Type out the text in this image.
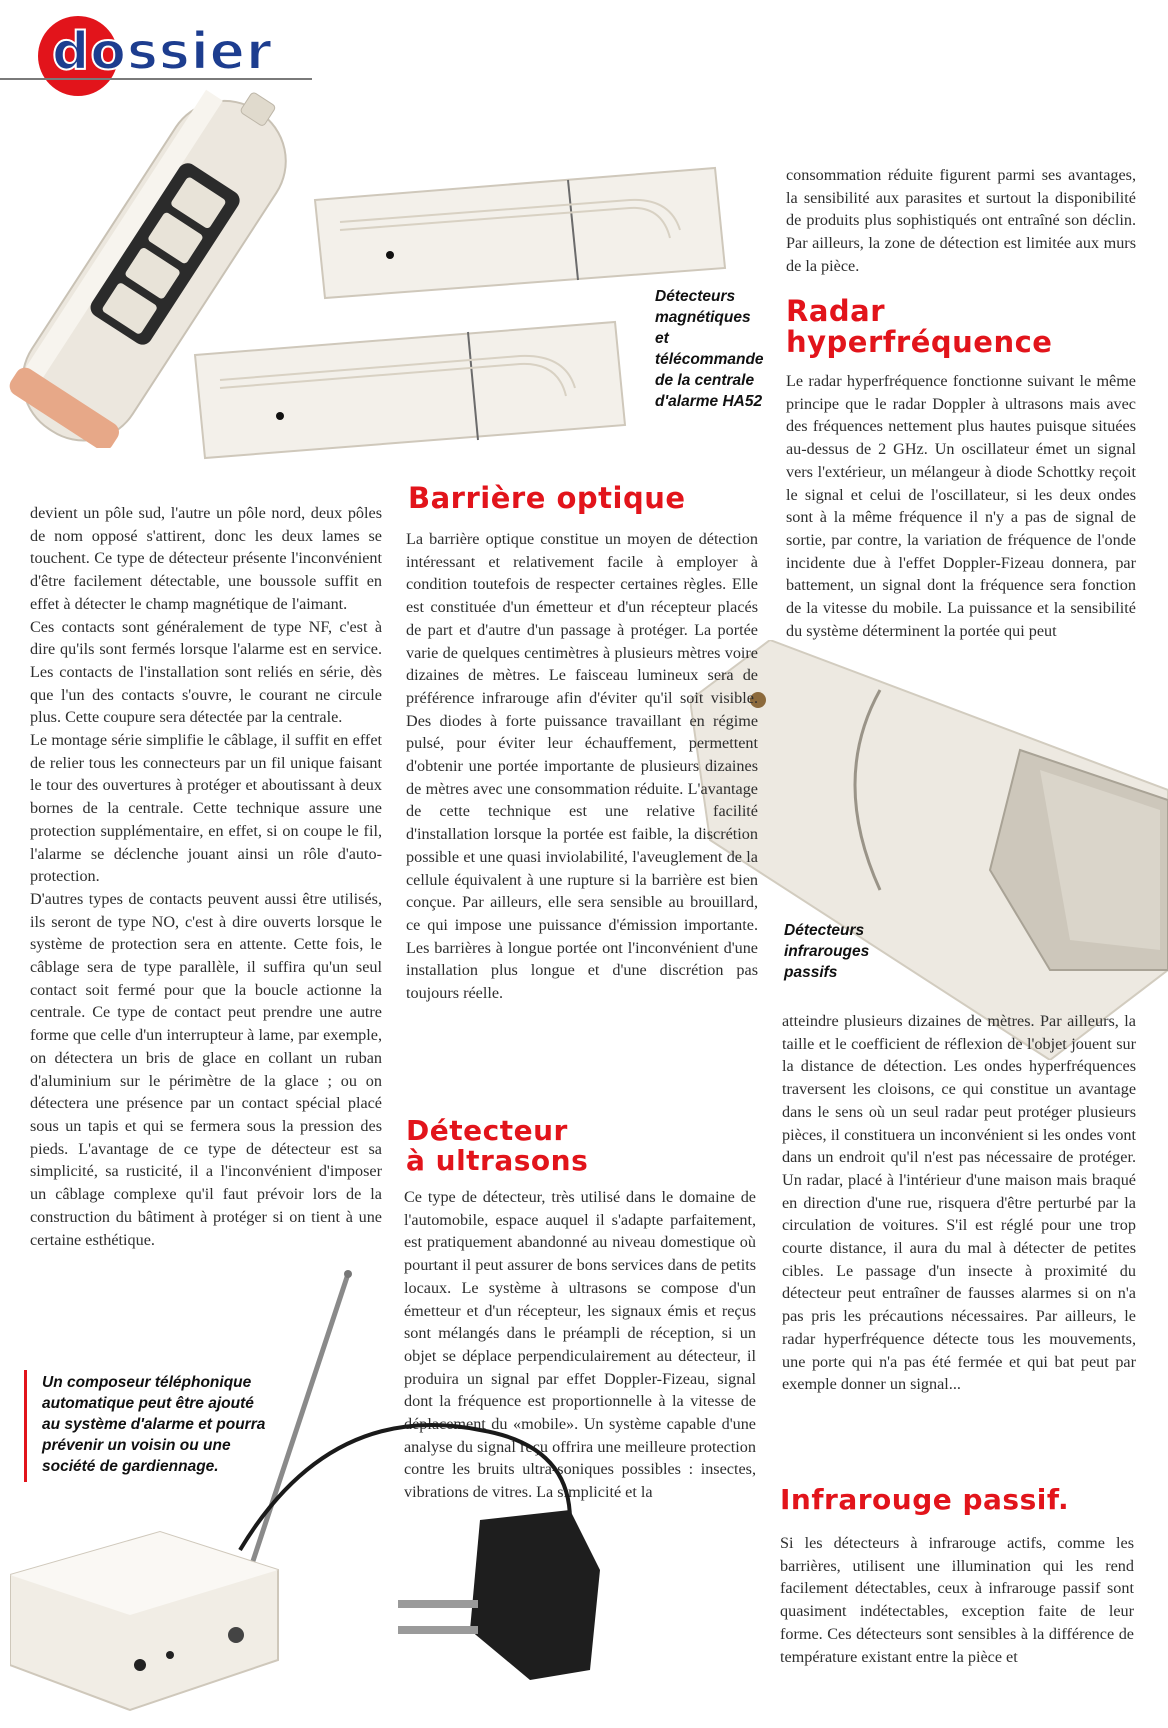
dossier
Détecteurs magnétiques et télécommande de la centrale d'alarme HA52

consommation réduite figurent parmi ses avantages, la sensibilité aux parasites et surtout la disponibilité de produits plus sophistiqués ont entraîné son déclin. Par ailleurs, la zone de détection est limitée aux murs de la pièce.

Radar
hyperfréquence

Le radar hyperfréquence fonctionne suivant le même principe que le radar Doppler à ultrasons mais avec des fréquences nettement plus hautes puisque situées au-dessus de 2 GHz. Un oscillateur émet un signal vers l'extérieur, un mélangeur à diode Schottky reçoit le signal et celui de l'oscillateur, si les deux ondes sont à la même fréquence il n'y a pas de signal de sortie, par contre, la variation de fréquence de l'onde incidente due à l'effet Doppler-Fizeau donnera, par battement, un signal dont la fréquence sera fonction de la vitesse du mobile. La puissance et la sensibilité du système déterminent la portée qui peut

Détecteurs infrarouges passifs

atteindre plusieurs dizaines de mètres. Par ailleurs, la taille et le coefficient de réflexion de l'objet jouent sur la distance de détection. Les ondes hyperfréquences traversent les cloisons, ce qui constitue un avantage dans le sens où un seul radar peut protéger plusieurs pièces, il constituera un inconvénient si les ondes vont dans un endroit qu'il n'est pas nécessaire de protéger. Un radar, placé à l'intérieur d'une maison mais braqué en direction d'une rue, risquera d'être perturbé par la circulation de voitures. S'il est réglé pour une trop courte distance, il aura du mal à détecter de petites cibles. Le passage d'un insecte à proximité du détecteur peut entraîner de fausses alarmes si on n'a pas pris les précautions nécessaires. Par ailleurs, le radar hyperfréquence détecte tous les mouvements, une porte qui n'a pas été fermée et qui bat peut par exemple donner un signal...

Infrarouge passif.

Si les détecteurs à infrarouge actifs, comme les barrières, utilisent une illumination qui les rend facilement détectables, ceux à infrarouge passif sont quasiment indétectables, exception faite de leur forme. Ces détecteurs sont sensibles à la différence de température existant entre la pièce et

devient un pôle sud, l'autre un pôle nord, deux pôles de nom opposé s'attirent, donc les deux lames se touchent. Ce type de détecteur présente l'inconvénient d'être facilement détectable, une boussole suffit en effet à détecter le champ magnétique de l'aimant.

Ces contacts sont généralement de type NF, c'est à dire qu'ils sont fermés lorsque l'alarme est en service. Les contacts de l'installation sont reliés en série, dès que l'un des contacts s'ouvre, le courant ne circule plus. Cette coupure sera détectée par la centrale.

Le montage série simplifie le câblage, il suffit en effet de relier tous les connecteurs par un fil unique faisant le tour des ouvertures à protéger et aboutissant à deux bornes de la centrale. Cette technique assure une protection supplémentaire, en effet, si on coupe le fil, l'alarme se déclenche jouant ainsi un rôle d'auto-protection.

D'autres types de contacts peuvent aussi être utilisés, ils seront de type NO, c'est à dire ouverts lorsque le système de protection sera en attente. Cette fois, le câblage sera de type parallèle, il suffira qu'un seul contact soit fermé pour que la boucle actionne la centrale. Ce type de contact peut prendre une autre forme que celle d'un interrupteur à lame, par exemple, on détectera un bris de glace en collant un ruban d'aluminium sur le périmètre de la glace ; ou on détectera une présence par un contact spécial placé sous un tapis et qui se fermera sous la pression des pieds. L'avantage de ce type de détecteur est sa simplicité, sa rusticité, il a l'inconvénient d'imposer un câblage complexe qu'il faut prévoir lors de la construction du bâtiment à protéger si on tient à une certaine esthétique.

Barrière optique

La barrière optique constitue un moyen de détection intéressant et relativement facile à employer à condition toutefois de respecter certaines règles. Elle est constituée d'un émetteur et d'un récepteur placés de part et d'autre d'un passage à protéger. La portée varie de quelques centimètres à plusieurs mètres voire dizaines de mètres. Le faisceau lumineux sera de préférence infrarouge afin d'éviter qu'il soit visible. Des diodes à forte puissance travaillant en régime pulsé, pour éviter leur échauffement, permettent d'obtenir une portée importante de plusieurs dizaines de mètres avec une consommation réduite. L'avantage de cette technique est une relative facilité d'installation lorsque la portée est faible, la discrétion possible et une quasi inviolabilité, l'aveuglement de la cellule équivalent à une rupture si la barrière est bien conçue. Par ailleurs, elle sera sensible au brouillard, ce qui impose une puissance d'émission importante. Les barrières à longue portée ont l'inconvénient d'une installation plus longue et d'une discrétion pas toujours réelle.

Détecteur
à ultrasons

Ce type de détecteur, très utilisé dans le domaine de l'automobile, espace auquel il s'adapte parfaitement, est pratiquement abandonné au niveau domestique où pourtant il peut assurer de bons services dans de petits locaux. Le système à ultrasons se compose d'un émetteur et d'un récepteur, les signaux émis et reçus sont mélangés dans le préampli de réception, si un objet se déplace perpendiculairement au détecteur, il produira un signal par effet Doppler-Fizeau, signal dont la fréquence est proportionnelle à la vitesse de déplacement du «mobile». Un système capable d'une analyse du signal reçu offrira une meilleure protection contre les bruits ultra-soniques possibles : insectes, vibrations de vitres. La simplicité et la

Un composeur téléphonique automatique peut être ajouté au système d'alarme et pourra prévenir un voisin ou une société de gardiennage.
